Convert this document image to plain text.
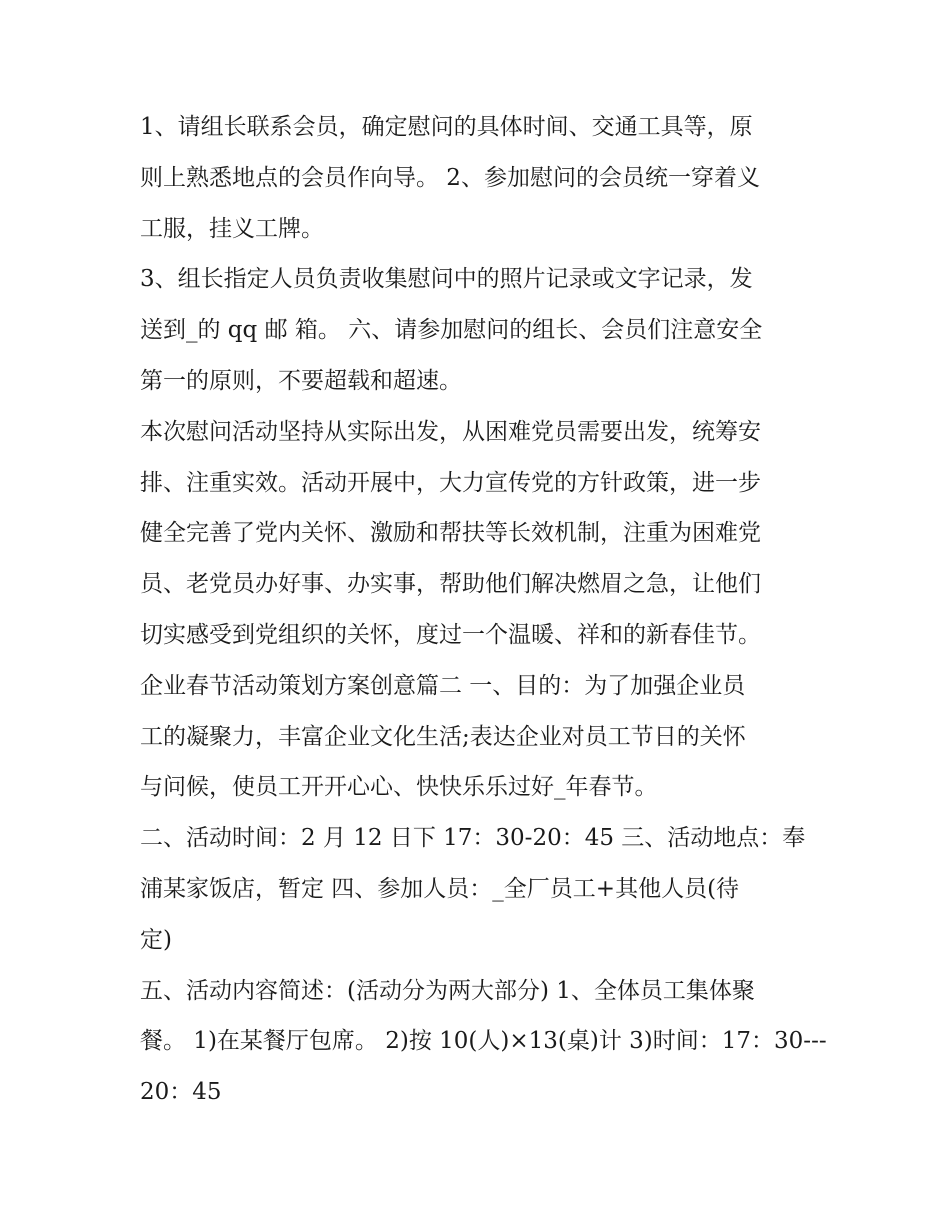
1、请组长联系会员，确定慰问的具体时间、交通工具等，原
则上熟悉地点的会员作向导。 2、参加慰问的会员统一穿着义
工服，挂义工牌。
3、组长指定人员负责收集慰问中的照片记录或文字记录，发
送到_的 qq 邮 箱。 六、请参加慰问的组长、会员们注意安全
第一的原则，不要超载和超速。
本次慰问活动坚持从实际出发，从困难党员需要出发，统筹安
排、注重实效。活动开展中，大力宣传党的方针政策，进一步
健全完善了党内关怀、激励和帮扶等长效机制，注重为困难党
员、老党员办好事、办实事，帮助他们解决燃眉之急，让他们
切实感受到党组织的关怀，度过一个温暖、祥和的新春佳节。
企业春节活动策划方案创意篇二 一、目的：为了加强企业员
工的凝聚力，丰富企业文化生活;表达企业对员工节日的关怀
与问候，使员工开开心心、快快乐乐过好_年春节。
二、活动时间：2 月 12 日下 17：30-20：45 三、活动地点：奉
浦某家饭店，暂定 四、参加人员：_全厂员工+其他人员(待
定)
五、活动内容简述：(活动分为两大部分) 1、全体员工集体聚
餐。 1)在某餐厅包席。 2)按 10(人)×13(桌)计 3)时间：17：30---
20：45
